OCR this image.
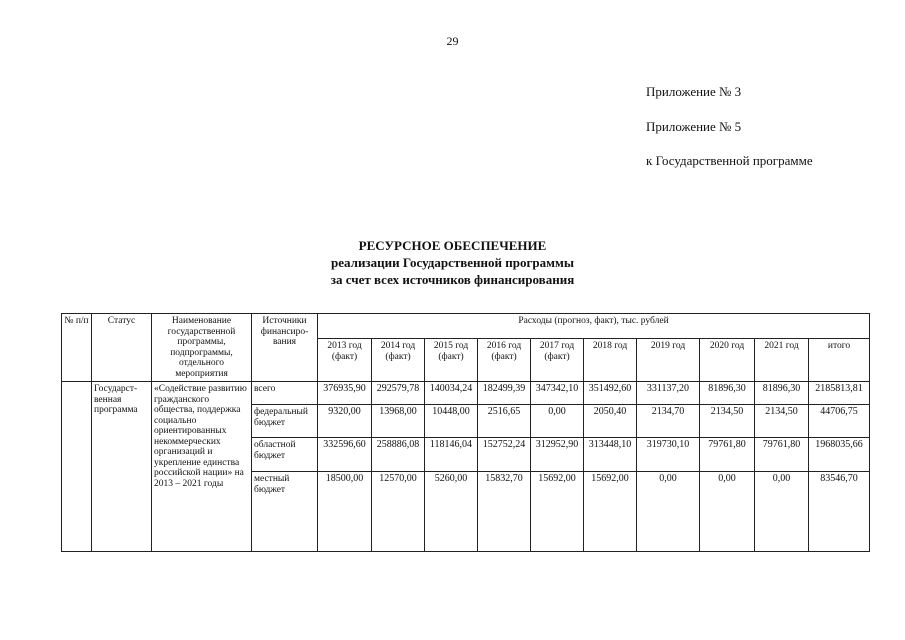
29
Приложение № 3
Приложение № 5
к Государственной программе
РЕСУРСНОЕ ОБЕСПЕЧЕНИЕ
реализации Государственной программы
за счет всех источников финансирования
№ п/п	Статус	Наименование государственной программы, подпрограммы, отдельного мероприятия	Источники финансиро-вания	Расходы (прогноз, факт), тыс. рублей									
				2013 год (факт)	2014 год (факт)	2015 год (факт)	2016 год (факт)	2017 год (факт)	2018 год	2019 год	2020 год	2021 год	итого
	Государст-венная программа	«Содействие развитию гражданского общества, поддержка социально ориентированных некоммерческих организаций и укрепление единства российской нации» на 2013 – 2021 годы	всего	376935,90	292579,78	140034,24	182499,39	347342,10	351492,60	331137,20	81896,30	81896,30	2185813,81
			федеральный бюджет	9320,00	13968,00	10448,00	2516,65	0,00	2050,40	2134,70	2134,50	2134,50	44706,75
			областной бюджет	332596,60	258886,08	118146,04	152752,24	312952,90	313448,10	319730,10	79761,80	79761,80	1968035,66
			местный бюджет	18500,00	12570,00	5260,00	15832,70	15692,00	15692,00	0,00	0,00	0,00	83546,70
